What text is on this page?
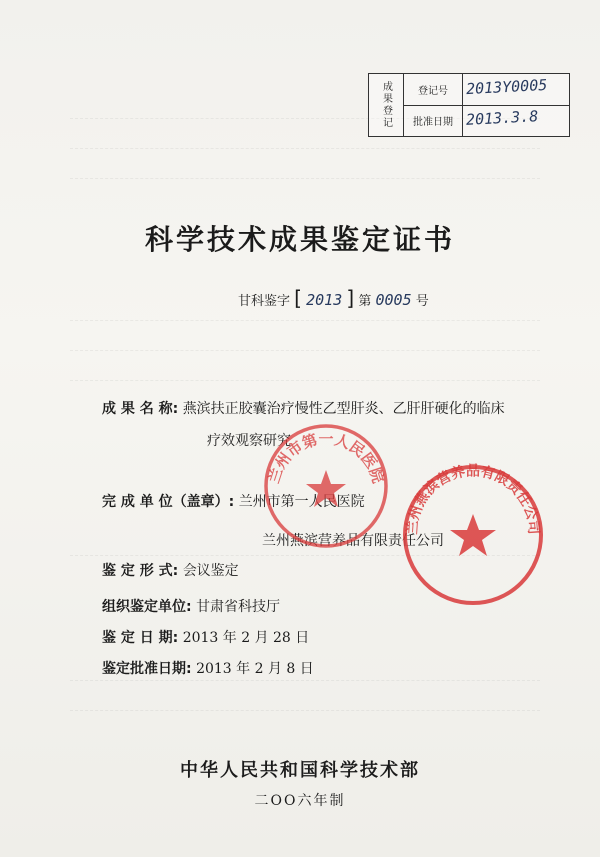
成果登记	登记号	2013Y0005
批准日期 2013.3.8
科学技术成果鉴定证书
甘科鉴字 [ 2013 ] 第 0005 号
成 果 名 称: 燕滨扶正胶囊治疗慢性乙型肝炎、乙肝肝硬化的临床
疗效观察研究
完 成 单 位（盖章）: 兰州市第一人民医院
兰州燕滨营养品有限责任公司
鉴 定 形 式: 会议鉴定
组织鉴定单位: 甘肃省科技厅
鉴 定 日 期: 2013 年 2 月 28 日
鉴定批准日期: 2013 年 2 月 8 日
兰州市第一人民医院
兰州燕滨营养品有限责任公司
中华人民共和国科学技术部
二OO六年制
